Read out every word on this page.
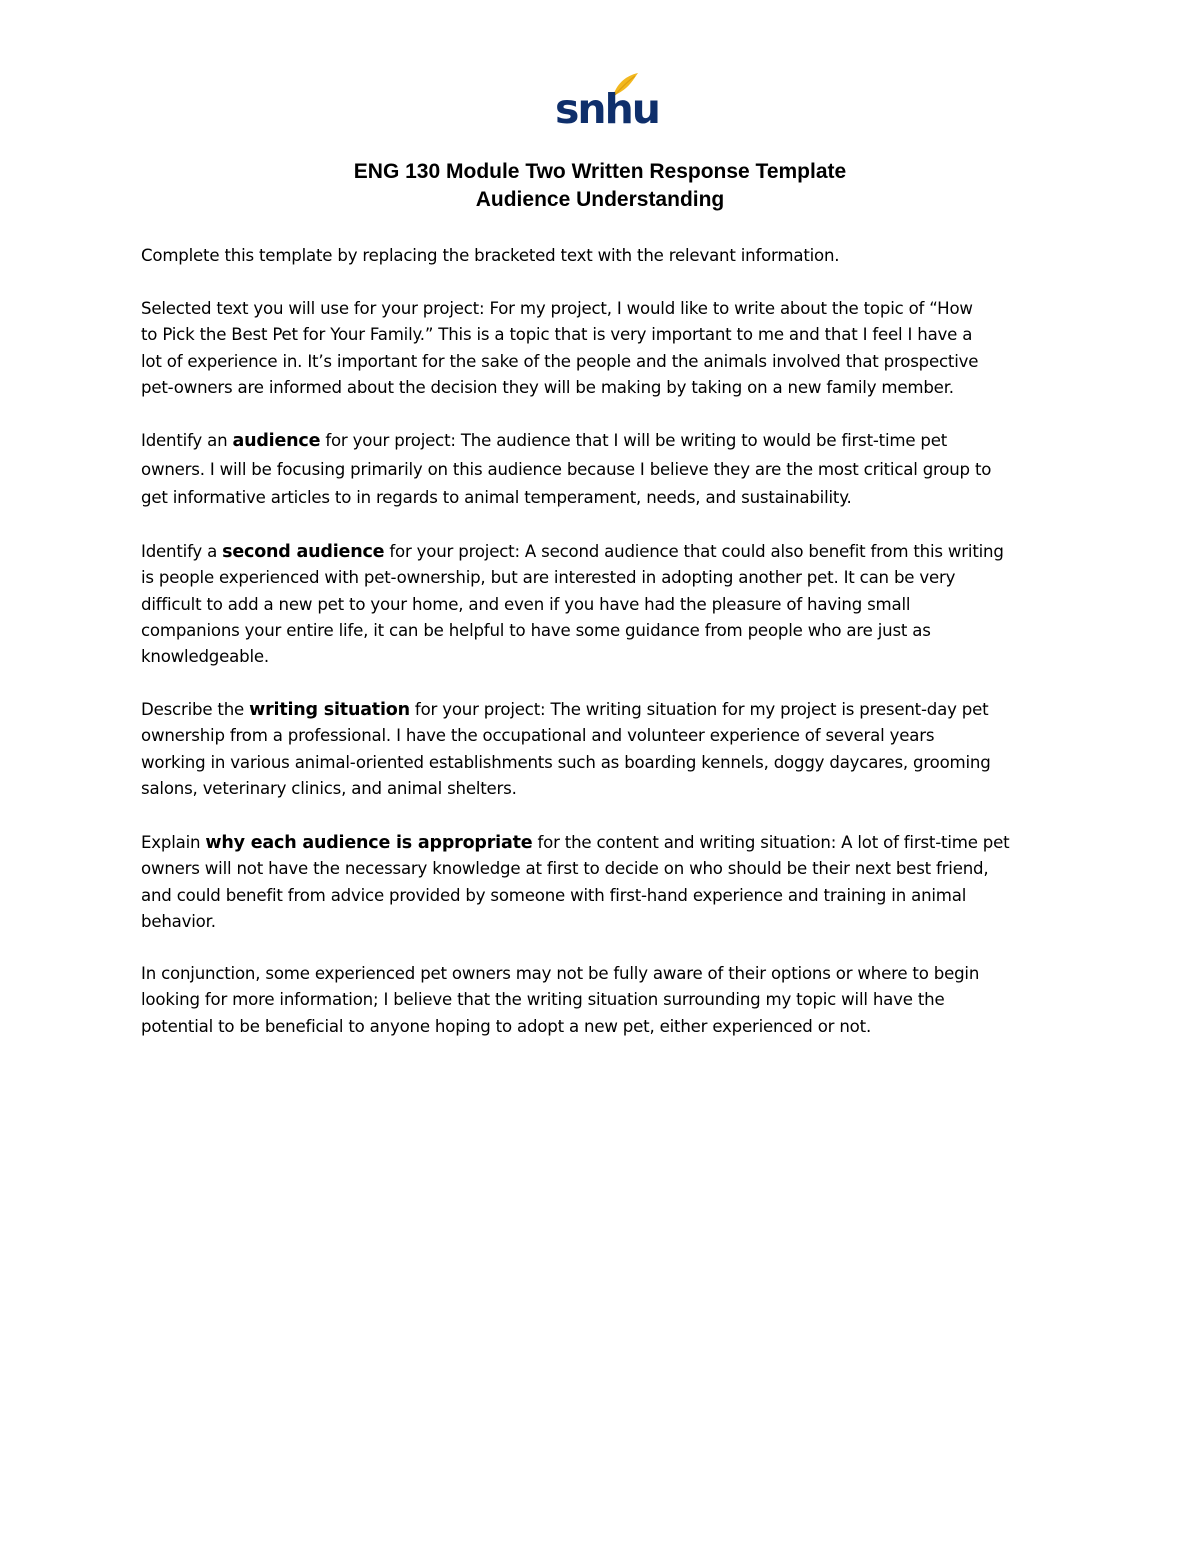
snhu
ENG 130 Module Two Written Response Template
Audience Understanding

Complete this template by replacing the bracketed text with the relevant information.

Selected text you will use for your project: For my project, I would like to write about the topic of “How

to Pick the Best Pet for Your Family.” This is a topic that is very important to me and that I feel I have a

lot of experience in. It’s important for the sake of the people and the animals involved that prospective

pet-owners are informed about the decision they will be making by taking on a new family member.

Identify an audience for your project: The audience that I will be writing to would be first-time pet

owners. I will be focusing primarily on this audience because I believe they are the most critical group to

get informative articles to in regards to animal temperament, needs, and sustainability.

Identify a second audience for your project: A second audience that could also benefit from this writing

is people experienced with pet-ownership, but are interested in adopting another pet. It can be very

difficult to add a new pet to your home, and even if you have had the pleasure of having small

companions your entire life, it can be helpful to have some guidance from people who are just as

knowledgeable.

Describe the writing situation for your project: The writing situation for my project is present-day pet

ownership from a professional. I have the occupational and volunteer experience of several years

working in various animal-oriented establishments such as boarding kennels, doggy daycares, grooming

salons, veterinary clinics, and animal shelters.

Explain why each audience is appropriate for the content and writing situation: A lot of first-time pet

owners will not have the necessary knowledge at first to decide on who should be their next best friend,

and could benefit from advice provided by someone with first-hand experience and training in animal

behavior.

In conjunction, some experienced pet owners may not be fully aware of their options or where to begin

looking for more information; I believe that the writing situation surrounding my topic will have the

potential to be beneficial to anyone hoping to adopt a new pet, either experienced or not.
